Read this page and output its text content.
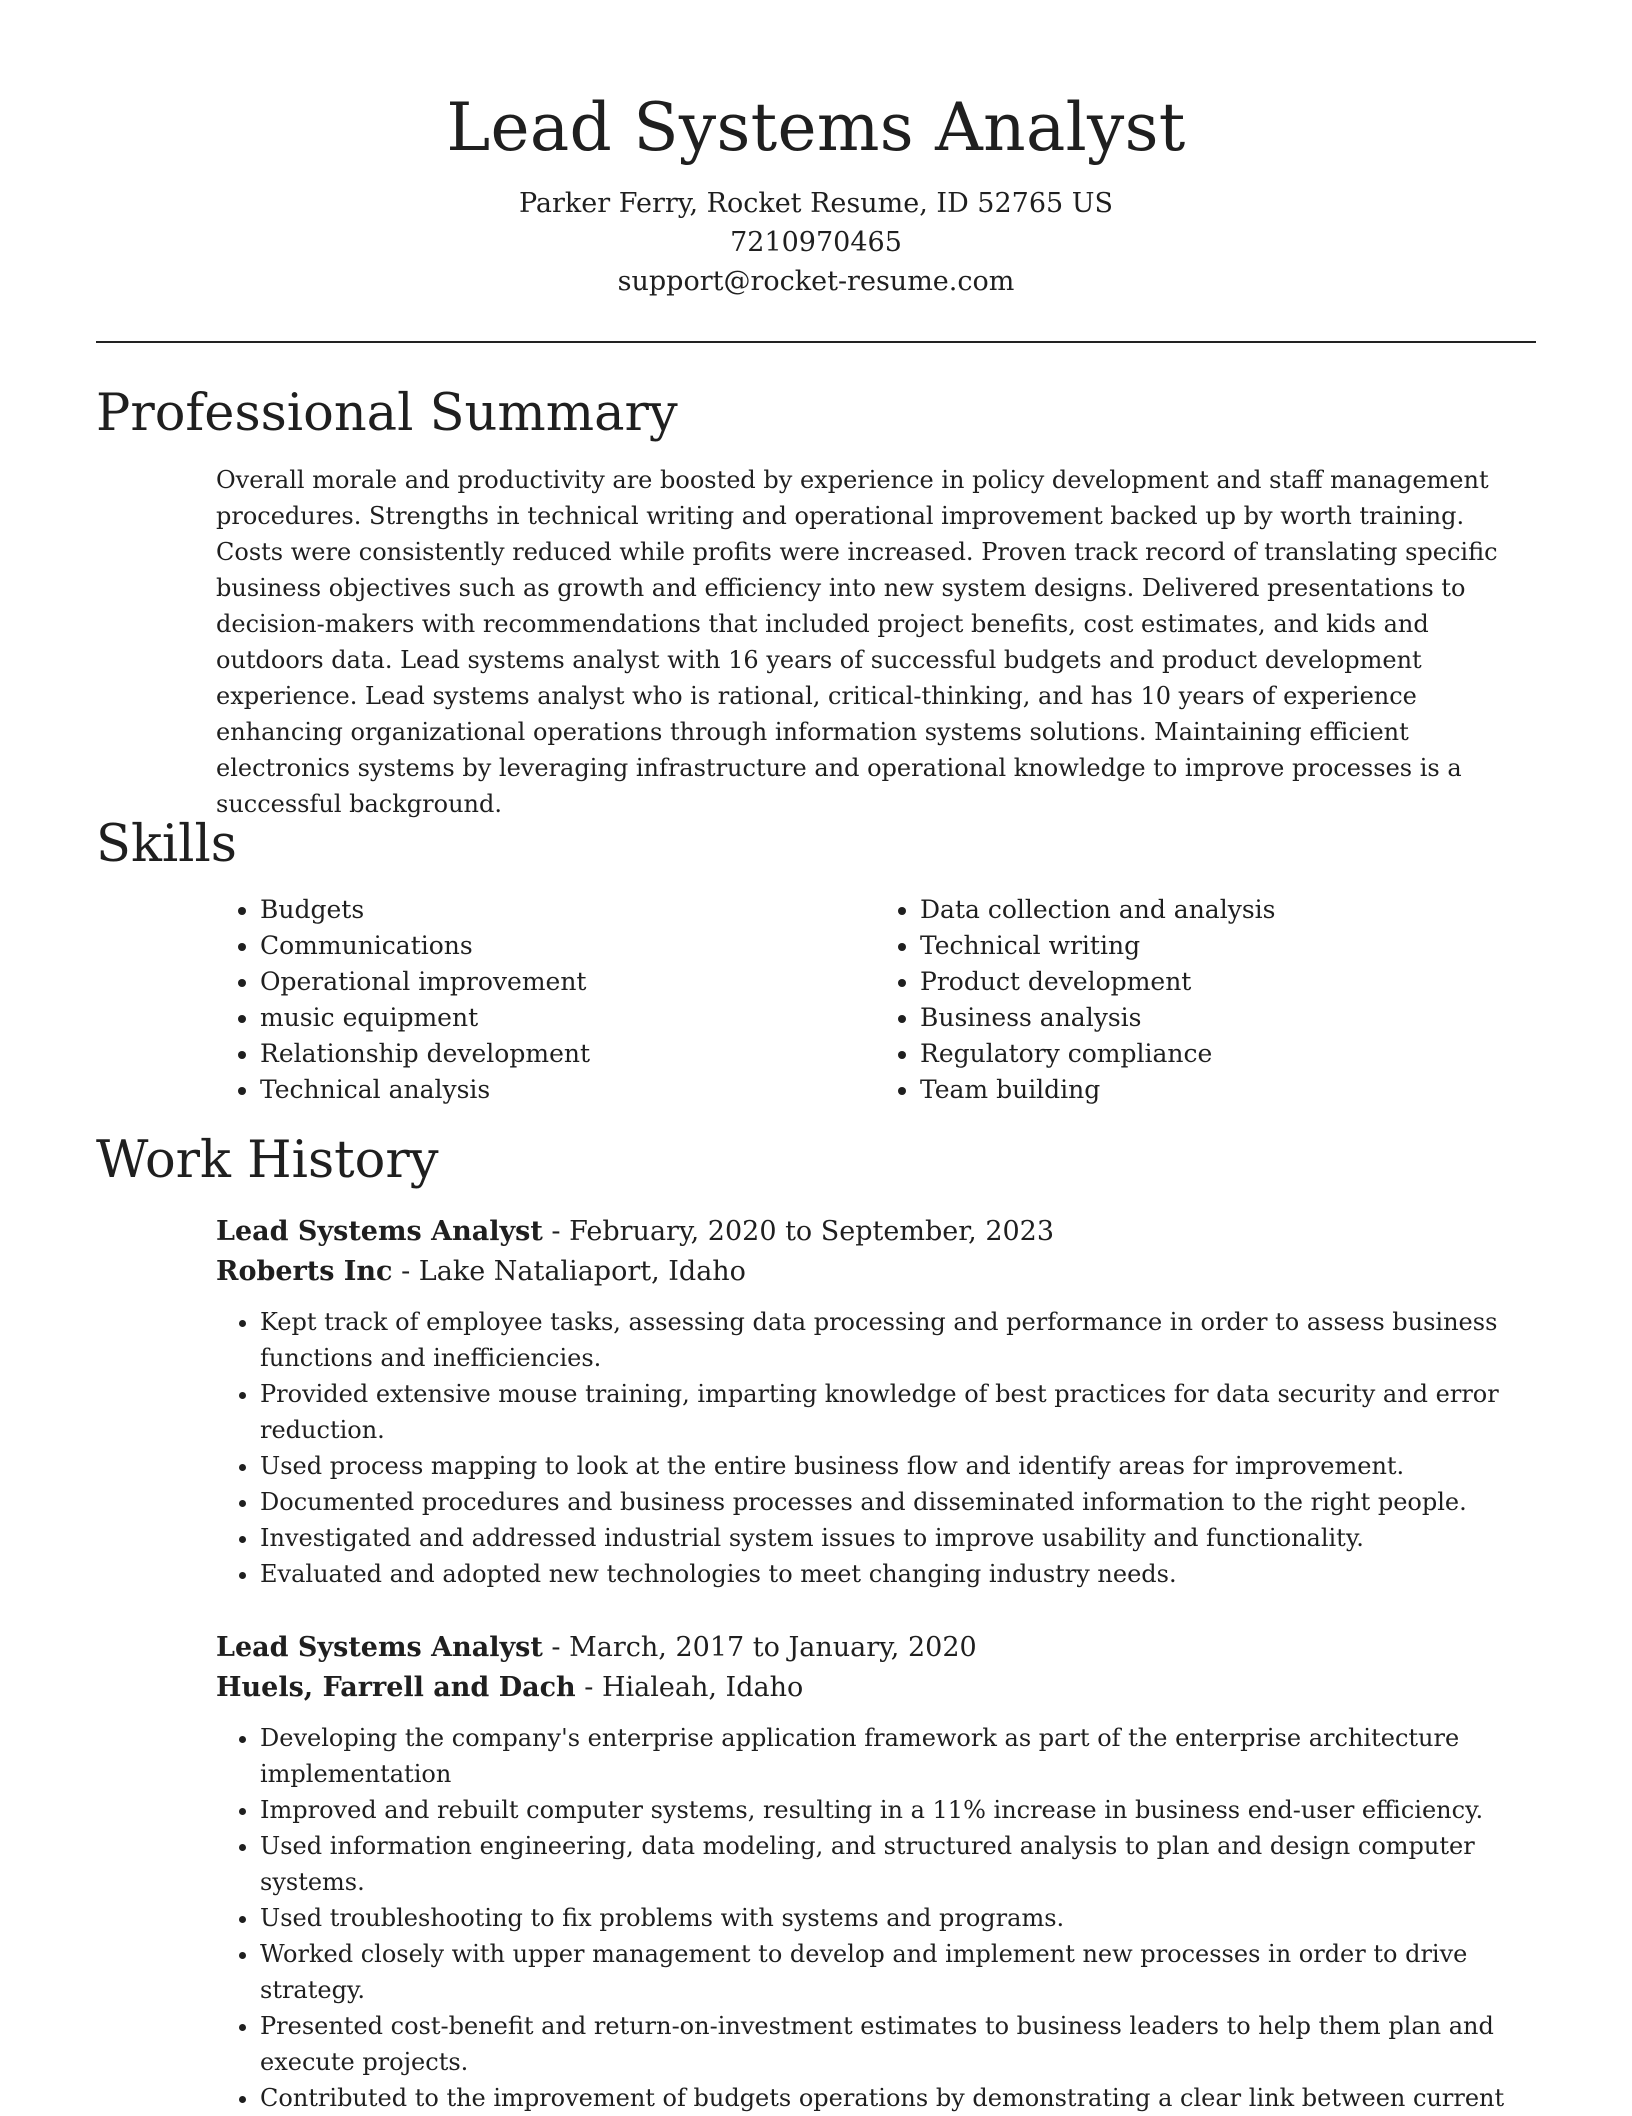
Lead Systems Analyst

Parker Ferry, Rocket Resume, ID 52765 US

7210970465

support@rocket-resume.com

Professional Summary

Overall morale and productivity are boosted by experience in policy development and staff management procedures. Strengths in technical writing and operational improvement backed up by worth training. Costs were consistently reduced while profits were increased. Proven track record of translating specific business objectives such as growth and efficiency into new system designs. Delivered presentations to decision-makers with recommendations that included project benefits, cost estimates, and kids and outdoors data. Lead systems analyst with 16 years of successful budgets and product development experience. Lead systems analyst who is rational, critical-thinking, and has 10 years of experience enhancing organizational operations through information systems solutions. Maintaining efficient electronics systems by leveraging infrastructure and operational knowledge to improve processes is a successful background.

Skills
• Budgets
• Communications
• Operational improvement
• music equipment
• Relationship development
• Technical analysis
• Data collection and analysis
• Technical writing
• Product development
• Business analysis
• Regulatory compliance
• Team building
Work History

Lead Systems Analyst - February, 2020 to September, 2023

Roberts Inc - Lake Nataliaport, Idaho

• Kept track of employee tasks, assessing data processing and performance in order to assess business functions and inefficiencies.
• Provided extensive mouse training, imparting knowledge of best practices for data security and error reduction.
• Used process mapping to look at the entire business flow and identify areas for improvement.
• Documented procedures and business processes and disseminated information to the right people.
• Investigated and addressed industrial system issues to improve usability and functionality.
• Evaluated and adopted new technologies to meet changing industry needs.

Lead Systems Analyst - March, 2017 to January, 2020

Huels, Farrell and Dach - Hialeah, Idaho

• Developing the company's enterprise application framework as part of the enterprise architecture implementation
• Improved and rebuilt computer systems, resulting in a 11% increase in business end-user efficiency.
• Used information engineering, data modeling, and structured analysis to plan and design computer systems.
• Used troubleshooting to fix problems with systems and programs.
• Worked closely with upper management to develop and implement new processes in order to drive strategy.
• Presented cost-benefit and return-on-investment estimates to business leaders to help them plan and execute projects.
• Contributed to the improvement of budgets operations by demonstrating a clear link between current
